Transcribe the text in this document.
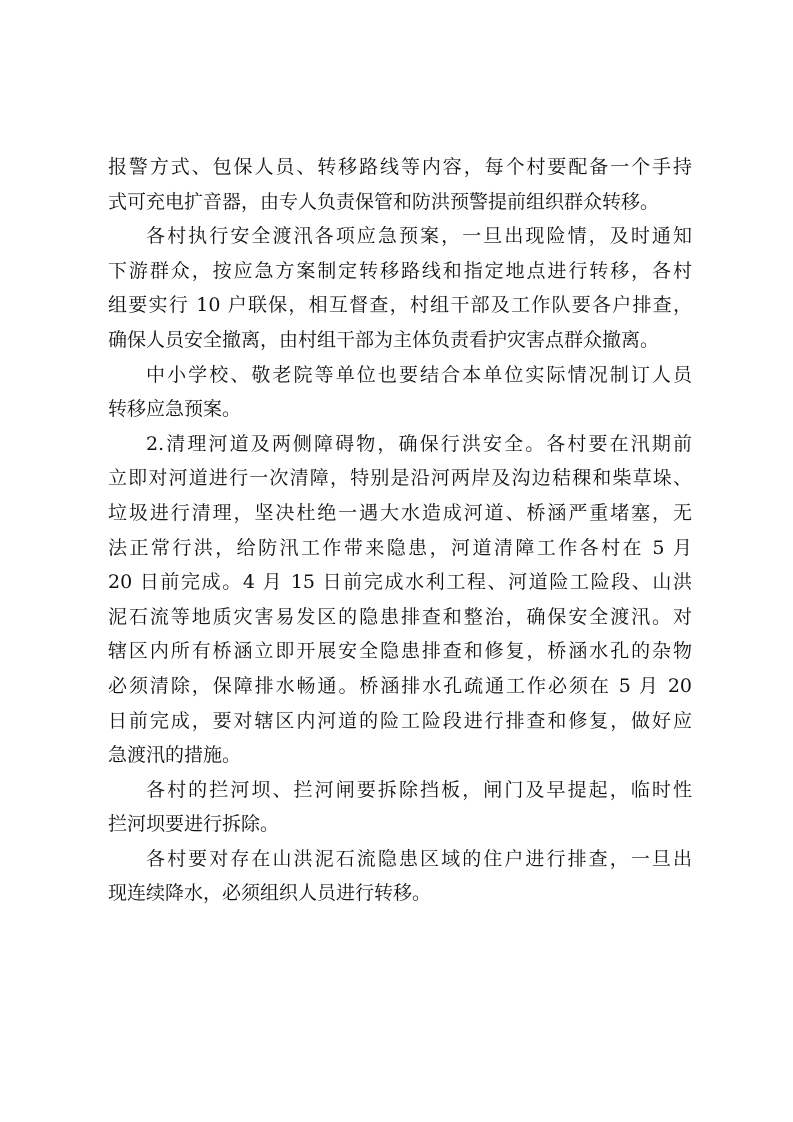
报警方式、包保人员、转移路线等内容，每个村要配备一个手持
式可充电扩音器，由专人负责保管和防洪预警提前组织群众转移。
各村执行安全渡汛各项应急预案，一旦出现险情，及时通知
下游群众，按应急方案制定转移路线和指定地点进行转移，各村
组要实行 10 户联保，相互督查，村组干部及工作队要各户排查，
确保人员安全撤离，由村组干部为主体负责看护灾害点群众撤离。
中小学校、敬老院等单位也要结合本单位实际情况制订人员
转移应急预案。
2.清理河道及两侧障碍物，确保行洪安全。各村要在汛期前
立即对河道进行一次清障，特别是沿河两岸及沟边秸稞和柴草垛、
垃圾进行清理，坚决杜绝一遇大水造成河道、桥涵严重堵塞，无
法正常行洪，给防汛工作带来隐患，河道清障工作各村在 5 月
20 日前完成。4 月 15 日前完成水利工程、河道险工险段、山洪
泥石流等地质灾害易发区的隐患排查和整治，确保安全渡汛。对
辖区内所有桥涵立即开展安全隐患排查和修复，桥涵水孔的杂物
必须清除，保障排水畅通。桥涵排水孔疏通工作必须在 5 月 20
日前完成，要对辖区内河道的险工险段进行排查和修复，做好应
急渡汛的措施。
各村的拦河坝、拦河闸要拆除挡板，闸门及早提起，临时性
拦河坝要进行拆除。
各村要对存在山洪泥石流隐患区域的住户进行排查，一旦出
现连续降水，必须组织人员进行转移。
